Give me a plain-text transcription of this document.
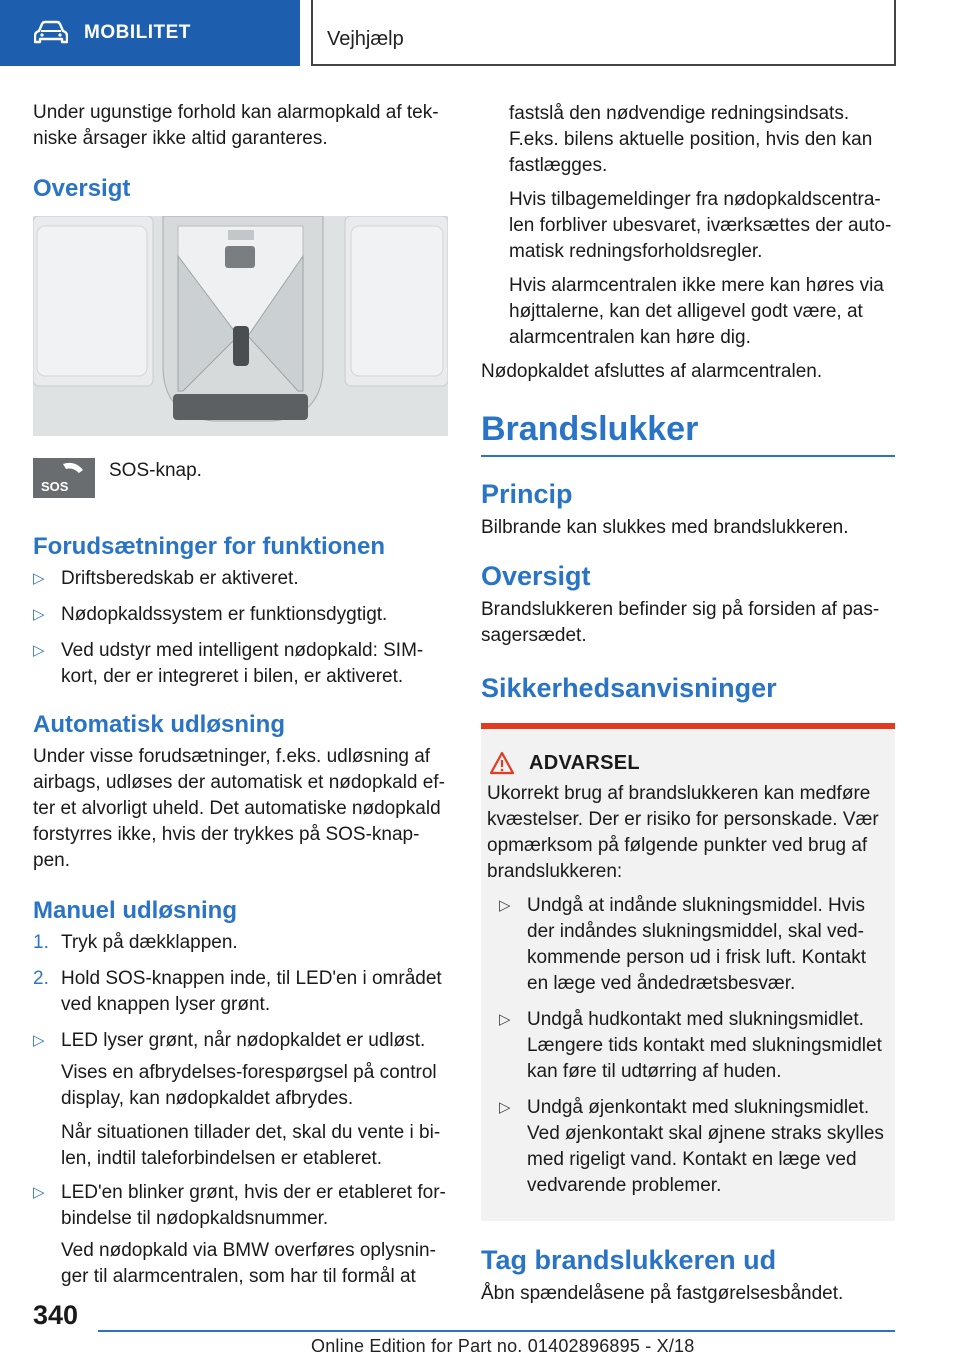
MOBILITET	Vejhjælp

Under ugunstige forhold kan alarmopkald af tekniske årsager ikke altid garanteres.

Oversigt
SOS
SOS-knap.
Forudsætninger for funktionen
▷ Driftsberedskab er aktiveret.
▷ Nødopkaldssystem er funktionsdygtigt.
▷ Ved udstyr med intelligent nødopkald: SIM-kort, der er integreret i bilen, er aktiveret.
Automatisk udløsning

Under visse forudsætninger, f.eks. udløsning af airbags, udløses der automatisk et nødopkald efter et alvorligt uheld. Det automatiske nødopkald forstyrres ikke, hvis der trykkes på SOS-knappen.

Manuel udløsning
1. Tryk på dækklappen.
2. Hold SOS-knappen inde, til LED'en i området ved knappen lyser grønt.
▷ LED lyser grønt, når nødopkaldet er udløst.

Vises en afbrydelses-forespørgsel på control display, kan nødopkaldet afbrydes.

Når situationen tillader det, skal du vente i bilen, indtil taleforbindelsen er etableret.

▷ LED'en blinker grønt, hvis der er etableret forbindelse til nødopkaldsnummer.

Ved nødopkald via BMW overføres oplysninger til alarmcentralen, som har til formål at

fastslå den nødvendige redningsindsats. F.eks. bilens aktuelle position, hvis den kan fastlægges.

Hvis tilbagemeldinger fra nødopkaldscentralen forbliver ubesvaret, iværksættes der automatisk redningsforholdsregler.

Hvis alarmcentralen ikke mere kan høres via højttalerne, kan det alligevel godt være, at alarmcentralen kan høre dig.

Nødopkaldet afsluttes af alarmcentralen.

Brandslukker
Princip

Bilbrande kan slukkes med brandslukkeren.

Oversigt

Brandslukkeren befinder sig på forsiden af passagersædet.

Sikkerhedsanvisninger
ADVARSEL

Ukorrekt brug af brandslukkeren kan medføre kvæstelser. Der er risiko for personskade. Vær opmærksom på følgende punkter ved brug af brandslukkeren:

▷ Undgå at indånde slukningsmiddel. Hvis der indåndes slukningsmiddel, skal vedkommende person ud i frisk luft. Kontakt en læge ved åndedrætsbesvær.
▷ Undgå hudkontakt med slukningsmidlet. Længere tids kontakt med slukningsmidlet kan føre til udtørring af huden.
▷ Undgå øjenkontakt med slukningsmidlet. Ved øjenkontakt skal øjnene straks skylles med rigeligt vand. Kontakt en læge ved vedvarende problemer.
Tag brandslukkeren ud

Åbn spændelåsene på fastgørelsesbåndet.

340
Online Edition for Part no. 01402896895 - X/18
